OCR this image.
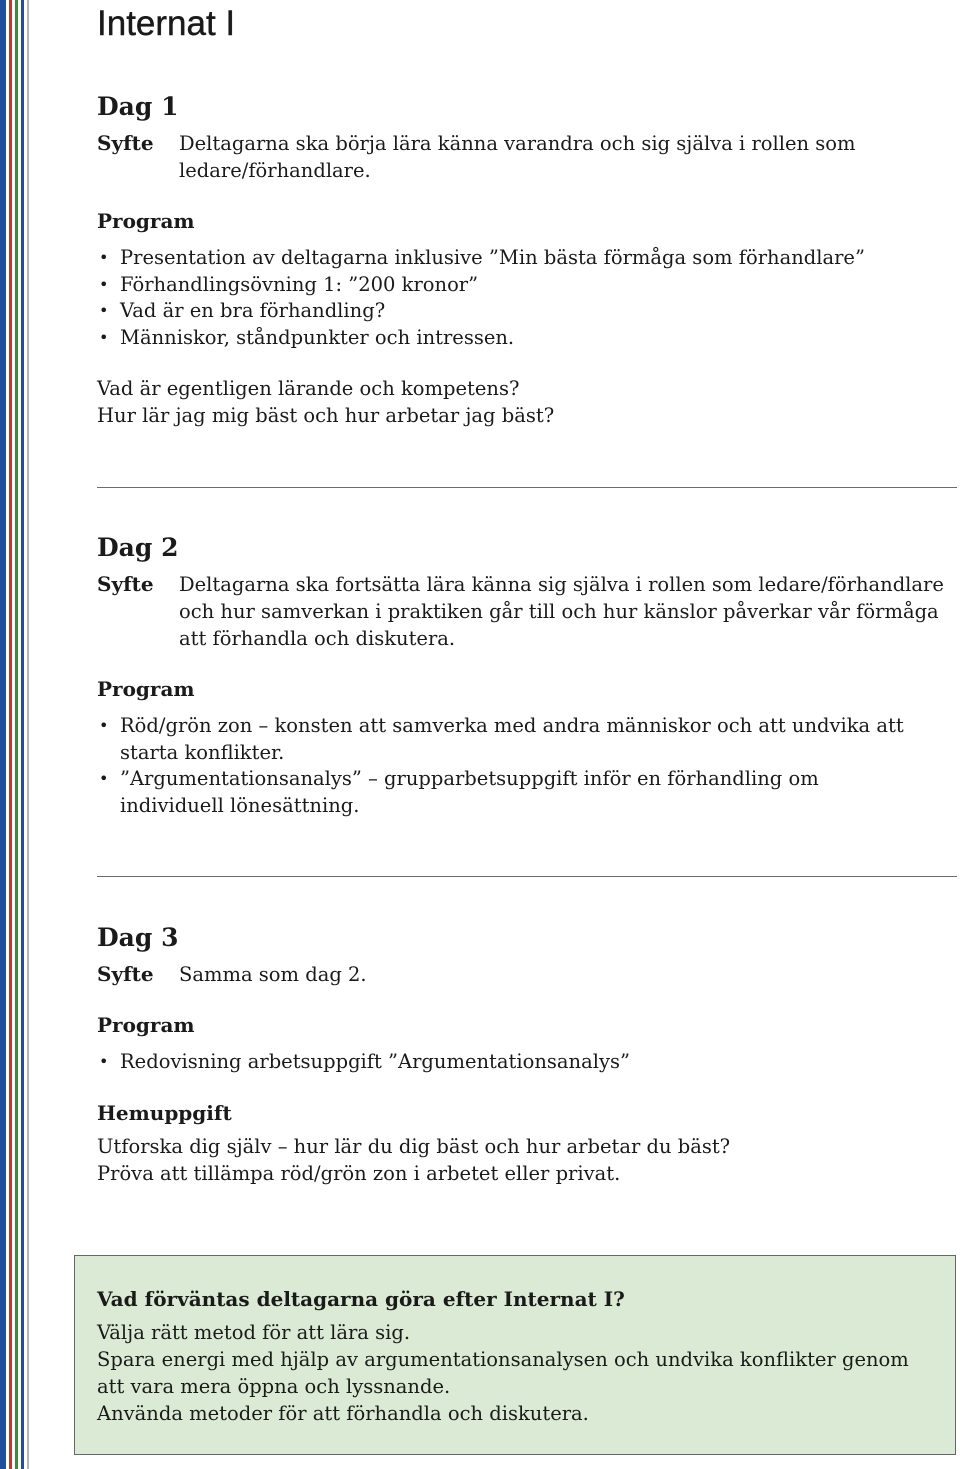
Internat I
Dag 1
Syfte	Deltagarna ska börja lära känna varandra och sig själva i rollen som
ledare/förhandlare.
Program
• Presentation av deltagarna inklusive ”Min bästa förmåga som förhandlare”
• Förhandlingsövning 1: ”200 kronor”
• Vad är en bra förhandling?
• Människor, ståndpunkter och intressen.
Vad är egentligen lärande och kompetens?
Hur lär jag mig bäst och hur arbetar jag bäst?
Dag 2
Syfte	Deltagarna ska fortsätta lära känna sig själva i rollen som ledare/förhandlare
och hur samverkan i praktiken går till och hur känslor påverkar vår förmåga
att förhandla och diskutera.
Program
• Röd/grön zon – konsten att samverka med andra människor och att undvika att
starta konflikter.
• ”Argumentationsanalys” – grupparbetsuppgift inför en förhandling om
individuell lönesättning.
Dag 3
Syfte	Samma som dag 2.
Program
• Redovisning arbetsuppgift ”Argumentationsanalys”
Hemuppgift
Utforska dig själv – hur lär du dig bäst och hur arbetar du bäst?
Pröva att tillämpa röd/grön zon i arbetet eller privat.
Vad förväntas deltagarna göra efter Internat I?
Välja rätt metod för att lära sig.
Spara energi med hjälp av argumentationsanalysen och undvika konflikter genom
att vara mera öppna och lyssnande.
Använda metoder för att förhandla och diskutera.
